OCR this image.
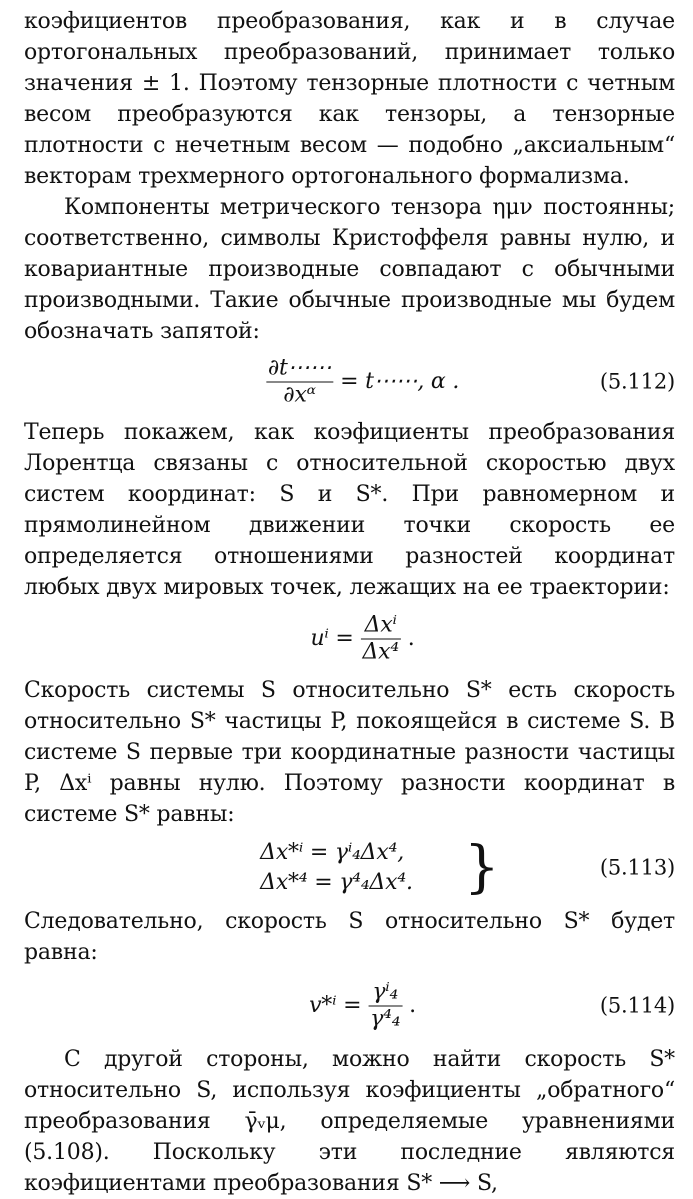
коэфициентов преобразования, как и в случае ортогональных преобразований, принимает только значения ± 1. Поэтому тензорные плотности с четным весом преобразуются как тензоры, а тензорные плотности с нечетным весом — подобно „аксиальным“ векторам трехмерного ортогонального формализма.

Компоненты метрического тензора ημν постоянны; соответственно, символы Кристоффеля равны нулю, и ковариантные производные совпадают с обычными производными. Такие обычные производные мы будем обозначать запятой:

$\frac{\partial t\cdots\cdots}{\text{∂xᵅ}}$ = t⋯⋯, α .	(5.112)

Теперь покажем, как коэфициенты преобразования Лорентца связаны с относительной скоростью двух систем координат: S и S*. При равномерном и прямолинейном движении точки скорость ее определяется отношениями разностей координат любых двух мировых точек, лежащих на ее траектории:

$u^i = \frac{\text{Δxⁱ}}{\text{Δx⁴}}$ .

Скорость системы S относительно S* есть скорость относительно S* частицы P, покоящейся в системе S. В системе S первые три координатные разности частицы P, Δxⁱ равны нулю. Поэтому разности координат в системе S* равны:

Δx*ⁱ = γⁱ₄Δx⁴,
Δx*⁴ = γ⁴₄Δx⁴. }	(5.113)

Следовательно, скорость S относительно S* будет равна:

$v*^i = \frac{\text{γⁱ₄}}{\text{γ⁴₄}}$ .	(5.114)

С другой стороны, можно найти скорость S* относительно S, используя коэфициенты „обратного“ преобразования γ̄ᵥμ, определяемые уравнениями (5.108). Поскольку эти последние являются коэфициентами преобразования S* ⟶ S,
